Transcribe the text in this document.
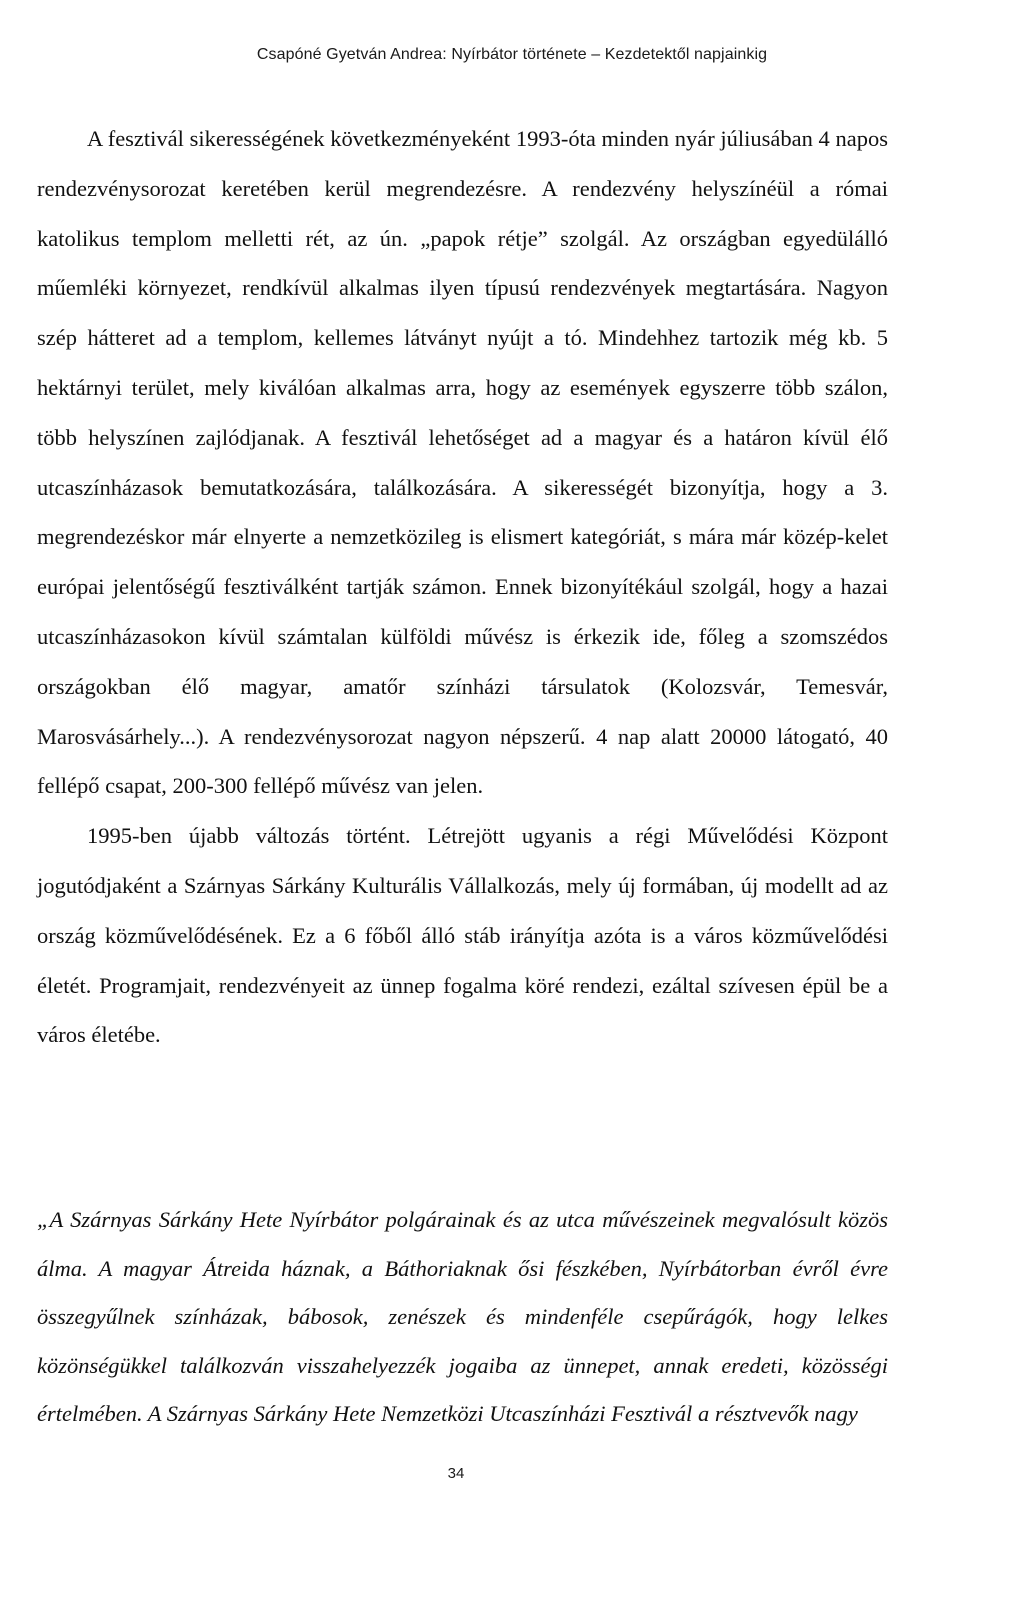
Csapóné Gyetván Andrea: Nyírbátor története – Kezdetektől napjainkig

A fesztivál sikerességének következményeként 1993-óta minden nyár júliusában 4 napos rendezvénysorozat keretében kerül megrendezésre. A rendezvény helyszínéül a római katolikus templom melletti rét, az ún. „papok rétje” szolgál. Az országban egyedülálló műemléki környezet, rendkívül alkalmas ilyen típusú rendezvények megtartására. Nagyon szép hátteret ad a templom, kellemes látványt nyújt a tó. Mindehhez tartozik még kb. 5 hektárnyi terület, mely kiválóan alkalmas arra, hogy az események egyszerre több szálon, több helyszínen zajlódjanak. A fesztivál lehetőséget ad a magyar és a határon kívül élő utcaszínházasok bemutatkozására, találkozására. A sikerességét bizonyítja, hogy a 3. megrendezéskor már elnyerte a nemzetközileg is elismert kategóriát, s mára már közép-kelet európai jelentőségű fesztiválként tartják számon. Ennek bizonyítékául szolgál, hogy a hazai utcaszínházasokon kívül számtalan külföldi művész is érkezik ide, főleg a szomszédos országokban élő magyar, amatőr színházi társulatok (Kolozsvár, Temesvár, Marosvásárhely...). A rendezvénysorozat nagyon népszerű. 4 nap alatt 20000 látogató, 40 fellépő csapat, 200-300 fellépő művész van jelen.

1995-ben újabb változás történt. Létrejött ugyanis a régi Művelődési Központ jogutódjaként a Szárnyas Sárkány Kulturális Vállalkozás, mely új formában, új modellt ad az ország közművelődésének. Ez a 6 főből álló stáb irányítja azóta is a város közművelődési életét. Programjait, rendezvényeit az ünnep fogalma köré rendezi, ezáltal szívesen épül be a város életébe.

„A Szárnyas Sárkány Hete Nyírbátor polgárainak és az utca művészeinek megvalósult közös álma. A magyar Átreida háznak, a Báthoriaknak ősi fészkében, Nyírbátorban évről évre összegyűlnek színházak, bábosok, zenészek és mindenféle csepűrágók, hogy lelkes közönségükkel találkozván visszahelyezzék jogaiba az ünnepet, annak eredeti, közösségi értelmében. A Szárnyas Sárkány Hete Nemzetközi Utcaszínházi Fesztivál a résztvevők nagy

34
